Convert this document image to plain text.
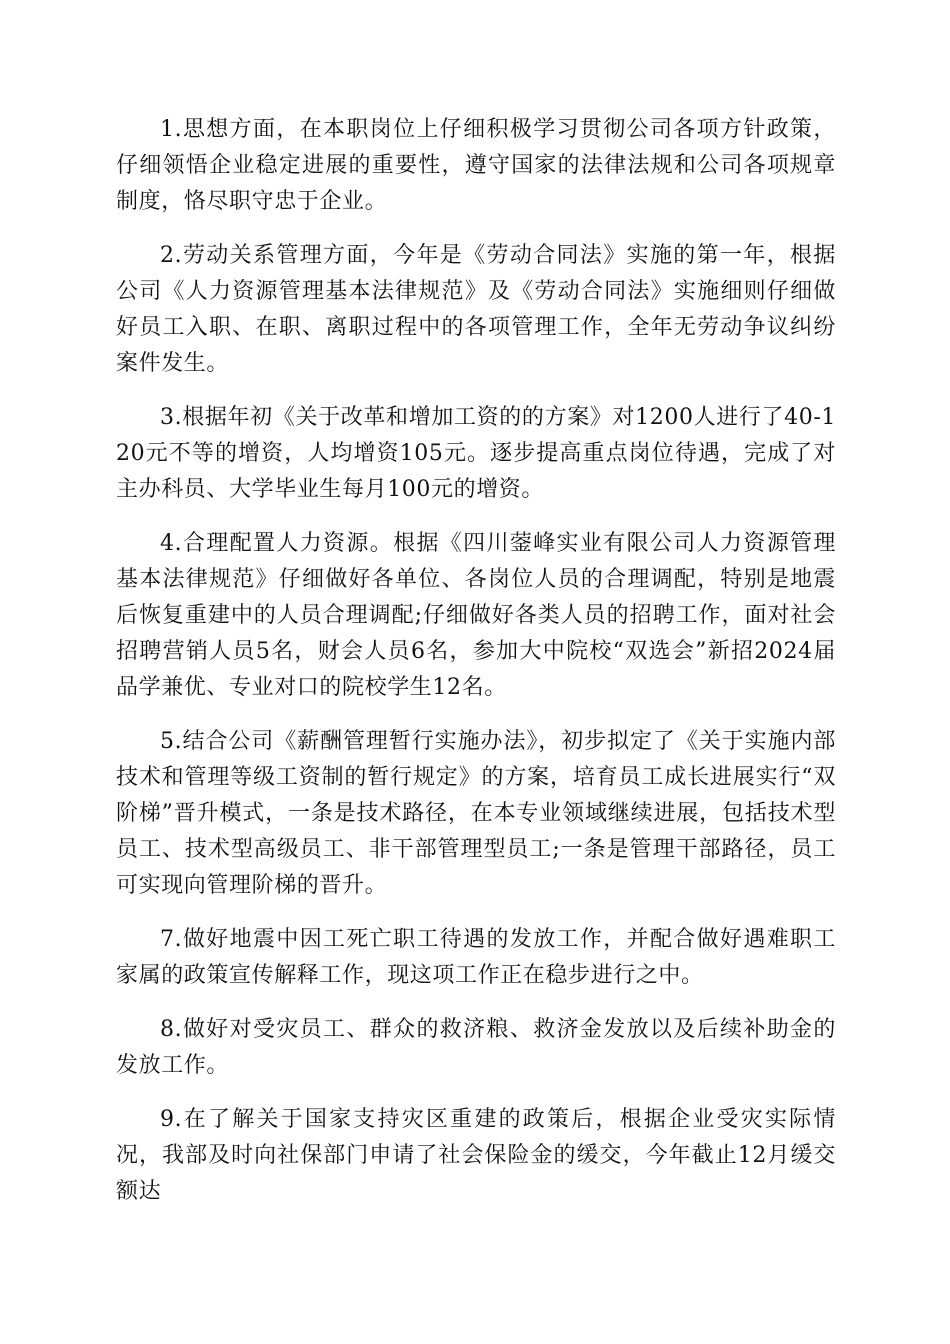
1.思想方面，在本职岗位上仔细积极学习贯彻公司各项方针政策，仔细领悟企业稳定进展的重要性，遵守国家的法律法规和公司各项规章制度，恪尽职守忠于企业。

2.劳动关系管理方面，今年是《劳动合同法》实施的第一年，根据公司《人力资源管理基本法律规范》及《劳动合同法》实施细则仔细做好员工入职、在职、离职过程中的各项管理工作，全年无劳动争议纠纷案件发生。

3.根据年初《关于改革和增加工资的的方案》对1200人进行了40-120元不等的增资，人均增资105元。逐步提高重点岗位待遇，完成了对主办科员、大学毕业生每月100元的增资。

4.合理配置人力资源。根据《四川蓥峰实业有限公司人力资源管理基本法律规范》仔细做好各单位、各岗位人员的合理调配，特别是地震后恢复重建中的人员合理调配;仔细做好各类人员的招聘工作，面对社会招聘营销人员5名，财会人员6名，参加大中院校“双选会”新招2024届品学兼优、专业对口的院校学生12名。

5.结合公司《薪酬管理暂行实施办法》，初步拟定了《关于实施内部技术和管理等级工资制的暂行规定》的方案，培育员工成长进展实行“双阶梯”晋升模式，一条是技术路径，在本专业领域继续进展，包括技术型员工、技术型高级员工、非干部管理型员工;一条是管理干部路径，员工可实现向管理阶梯的晋升。

7.做好地震中因工死亡职工待遇的发放工作，并配合做好遇难职工家属的政策宣传解释工作，现这项工作正在稳步进行之中。

8.做好对受灾员工、群众的救济粮、救济金发放以及后续补助金的发放工作。

9.在了解关于国家支持灾区重建的政策后，根据企业受灾实际情况，我部及时向社保部门申请了社会保险金的缓交，今年截止12月缓交额达
